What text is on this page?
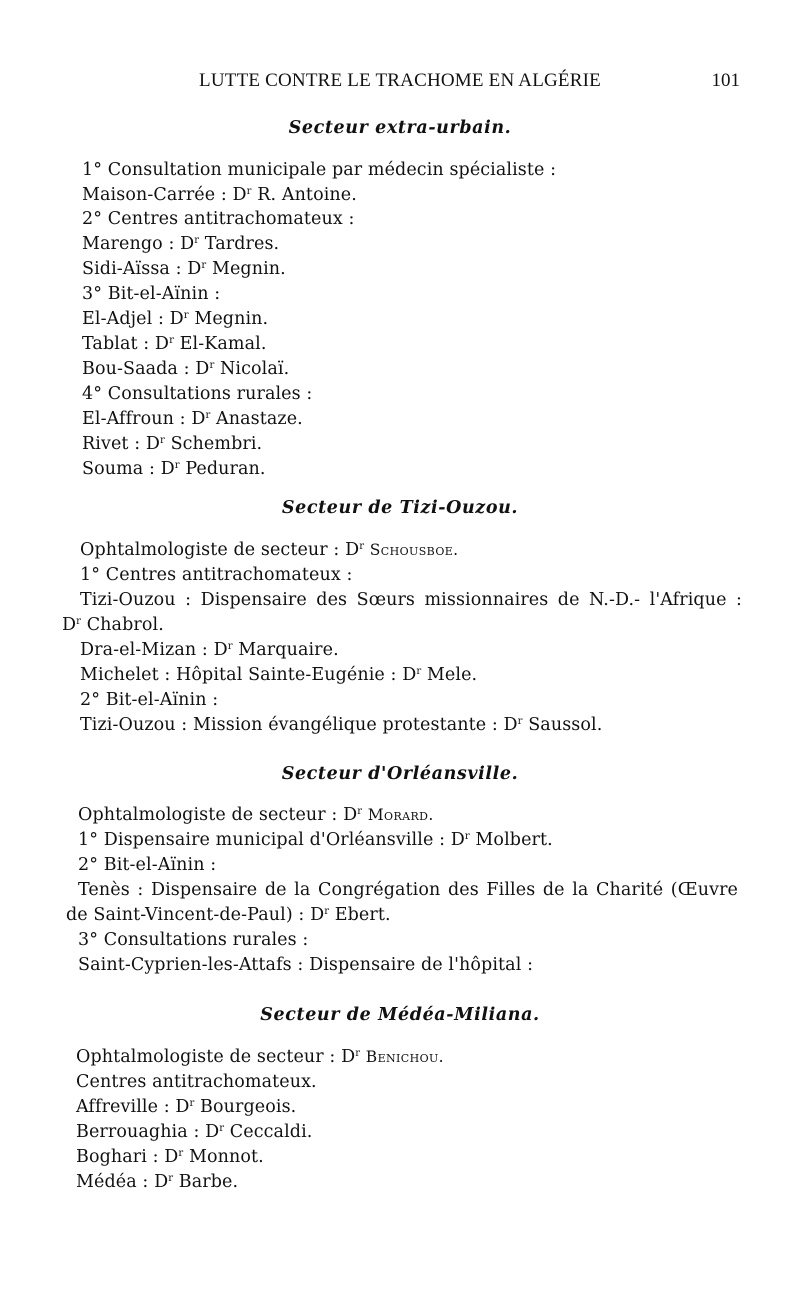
LUTTE CONTRE LE TRACHOME EN ALGÉRIE	101
Secteur extra-urbain.
1° Consultation municipale par médecin spécialiste :
Maison-Carrée : $D^r$ R. Antoine.
2° Centres antitrachomateux :
Marengo : $D^r$ Tardres.
Sidi-Aïssa : $D^r$ Megnin.
3° Bit-el-Aïnin :
El-Adjel : $D^r$ Megnin.
Tablat : $D^r$ El-Kamal.
Bou-Saada : $D^r$ Nicolaï.
4° Consultations rurales :
El-Affroun : $D^r$ Anastaze.
Rivet : $D^r$ Schembri.
Souma : $D^r$ Peduran.
Secteur de Tizi-Ouzou.
Ophtalmologiste de secteur : $D^r$ Schousboe.
1° Centres antitrachomateux :
Tizi-Ouzou : Dispensaire des Sœurs missionnaires de N.-D.- l'Afrique :
$D^r$ Chabrol.
Dra-el-Mizan : $D^r$ Marquaire.
Michelet : Hôpital Sainte-Eugénie : $D^r$ Mele.
2° Bit-el-Aïnin :
Tizi-Ouzou : Mission évangélique protestante : $D^r$ Saussol.
Secteur d'Orléansville.
Ophtalmologiste de secteur : $D^r$ Morard.
1° Dispensaire municipal d'Orléansville : $D^r$ Molbert.
2° Bit-el-Aïnin :
Tenès : Dispensaire de la Congrégation des Filles de la Charité (Œuvre
de Saint-Vincent-de-Paul) : $D^r$ Ebert.
3° Consultations rurales :
Saint-Cyprien-les-Attafs : Dispensaire de l'hôpital :
Secteur de Médéa-Miliana.
Ophtalmologiste de secteur : $D^r$ Benichou.
Centres antitrachomateux.
Affreville : $D^r$ Bourgeois.
Berrouaghia : $D^r$ Ceccaldi.
Boghari : $D^r$ Monnot.
Médéa : $D^r$ Barbe.
